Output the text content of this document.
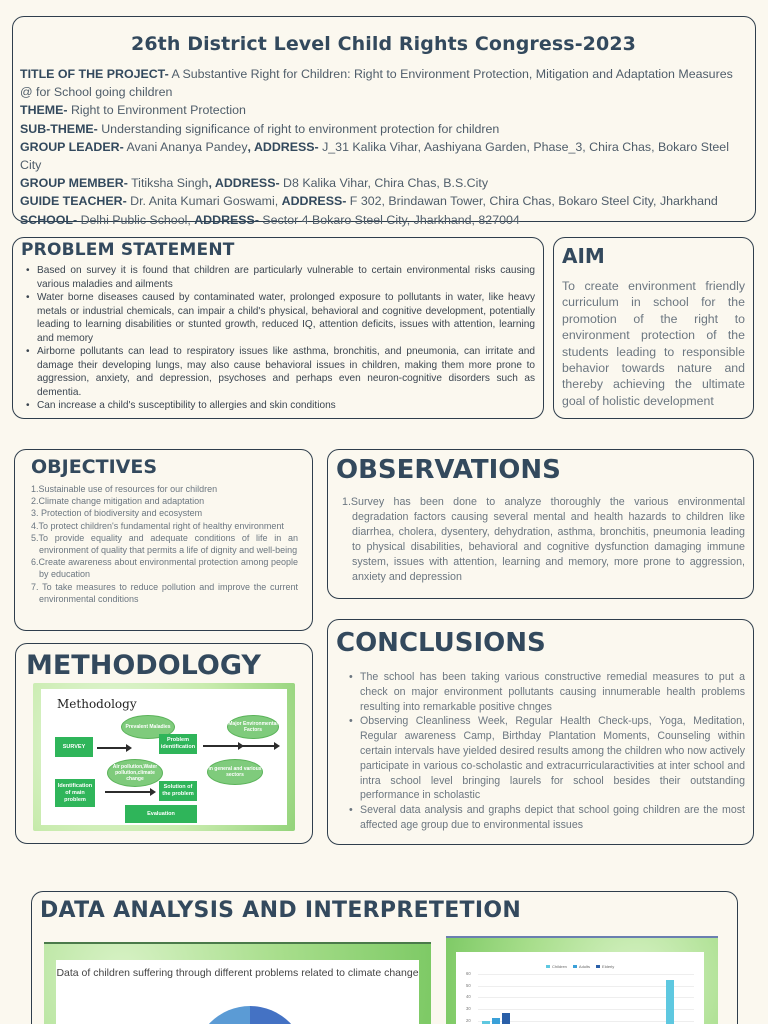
26th District Level Child Rights Congress-2023
TITLE OF THE PROJECT- A Substantive Right for Children: Right to Environment Protection, Mitigation and Adaptation Measures @ for School going children
THEME- Right to Environment Protection
SUB-THEME- Understanding significance of right to environment protection for children
GROUP LEADER- Avani Ananya Pandey, ADDRESS- J_31 Kalika Vihar, Aashiyana Garden, Phase_3, Chira Chas, Bokaro Steel City
GROUP MEMBER- Titiksha Singh, ADDRESS- D8 Kalika Vihar, Chira Chas, B.S.City
GUIDE TEACHER- Dr. Anita Kumari Goswami, ADDRESS- F 302, Brindawan Tower, Chira Chas, Bokaro Steel City, Jharkhand
SCHOOL- Delhi Public School, ADDRESS- Sector 4 Bokaro Steel City, Jharkhand, 827004
PROBLEM STATEMENT
• Based on survey it is found that children are particularly vulnerable to certain environmental risks causing various maladies and ailments
• Water borne diseases caused by contaminated water, prolonged exposure to pollutants in water, like heavy metals or industrial chemicals, can impair a child's physical, behavioral and cognitive development, potentially leading to learning disabilities or stunted growth, reduced IQ, attention deficits, issues with attention, learning and memory
• Airborne pollutants can lead to respiratory issues like asthma, bronchitis, and pneumonia, can irritate and damage their developing lungs, may also cause behavioral issues in children, making them more prone to aggression, anxiety, and depression, psychoses and perhaps even neuron-cognitive disorders such as dementia.
• Can increase a child's susceptibility to allergies and skin conditions
AIM

To create environment friendly curriculum in school for the promotion of the right to environment protection of the students leading to responsible behavior towards nature and thereby achieving the ultimate goal of holistic development

OBJECTIVES
1.Sustainable use of resources for our children
2.Climate change mitigation and adaptation
3. Protection of biodiversity and ecosystem
4.To protect children's fundamental right of healthy environment
5.To provide equality and adequate conditions of life in an environment of quality that permits a life of dignity and well-being
6.Create awareness about environmental protection among people by education
7. To take measures to reduce pollution and improve the current environmental conditions
OBSERVATIONS

1.Survey has been done to analyze thoroughly the various environmental degradation factors causing several mental and health hazards to children like diarrhea, cholera, dysentery, dehydration, asthma, bronchitis, pneumonia leading to physical disabilities, behavioral and cognitive dysfunction damaging immune system, issues with attention, learning and memory, more prone to aggression, anxiety and depression

METHODOLOGY
Methodology
Prevalent Maladies	Major Environmental Factors
SURVEY
Problem identification
Air pollution,Water pollution,climate change
In general and various sectors
Identification of main problem
Solution of the problem
Evaluation
CONCLUSIONS
• The school has been taking various constructive remedial measures to put a check on major environment pollutants causing innumerable health problems resulting into remarkable positive chnges
• Observing Cleanliness Week, Regular Health Check-ups, Yoga, Meditation, Regular awareness Camp, Birthday Plantation Moments, Counseling within certain intervals have yielded desired results among the children who now actively participate in various co-scholastic and extracurricularactivities at inter school and intra school level bringing laurels for school besides their outstanding performance in scholastic
• Several data analysis and graphs depict that school going children are the most affected age group due to environmental issues
DATA ANALYSIS AND INTERPRETETION
Data of children suffering through different problems related to climate change
Children	Adults	Elderly
60
50
40
30
20
